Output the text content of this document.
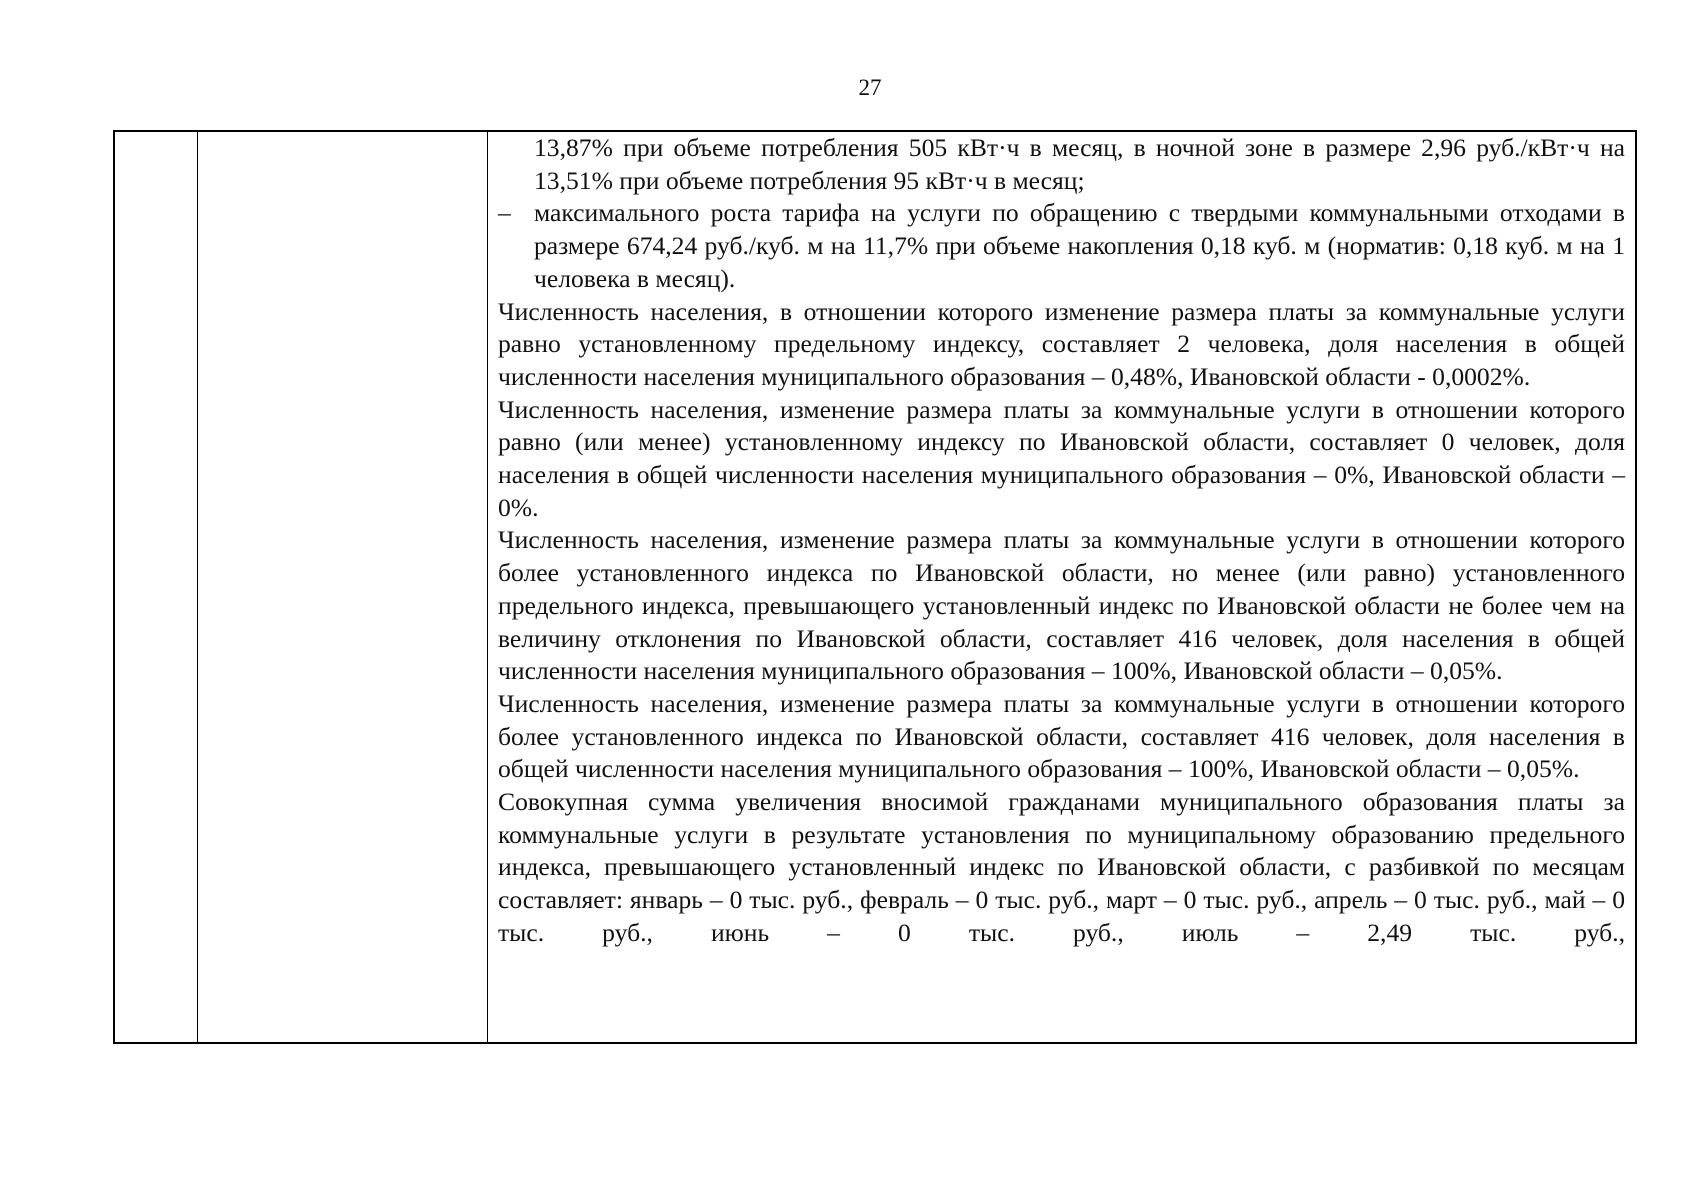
27

13,87% при объеме потребления 505 кВт·ч в месяц, в ночной зоне в размере 2,96 руб./кВт·ч на 13,51% при объеме потребления 95 кВт·ч в месяц;

– максимального роста тарифа на услуги по обращению с твердыми коммунальными отходами в размере 674,24 руб./куб. м на 11,7% при объеме накопления 0,18 куб. м (норматив: 0,18 куб. м на 1 человека в месяц).

Численность населения, в отношении которого изменение размера платы за коммунальные услуги равно установленному предельному индексу, составляет 2 человека, доля населения в общей численности населения муниципального образования – 0,48%, Ивановской области - 0,0002%.

Численность населения, изменение размера платы за коммунальные услуги в отношении которого равно (или менее) установленному индексу по Ивановской области, составляет 0 человек, доля населения в общей численности населения муниципального образования – 0%, Ивановской области – 0%.

Численность населения, изменение размера платы за коммунальные услуги в отношении которого более установленного индекса по Ивановской области, но менее (или равно) установленного предельного индекса, превышающего установленный индекс по Ивановской области не более чем на величину отклонения по Ивановской области, составляет 416 человек, доля населения в общей численности населения муниципального образования – 100%, Ивановской области – 0,05%.

Численность населения, изменение размера платы за коммунальные услуги в отношении которого более установленного индекса по Ивановской области, составляет 416 человек, доля населения в общей численности населения муниципального образования – 100%, Ивановской области – 0,05%.

Совокупная сумма увеличения вносимой гражданами муниципального образования платы за коммунальные услуги в результате установления по муниципальному образованию предельного индекса, превышающего установленный индекс по Ивановской области, с разбивкой по месяцам составляет: январь – 0 тыс. руб., февраль – 0 тыс. руб., март – 0 тыс. руб., апрель – 0 тыс. руб., май – 0 тыс. руб., июнь – 0 тыс. руб., июль – 2,49 тыс. руб.,
